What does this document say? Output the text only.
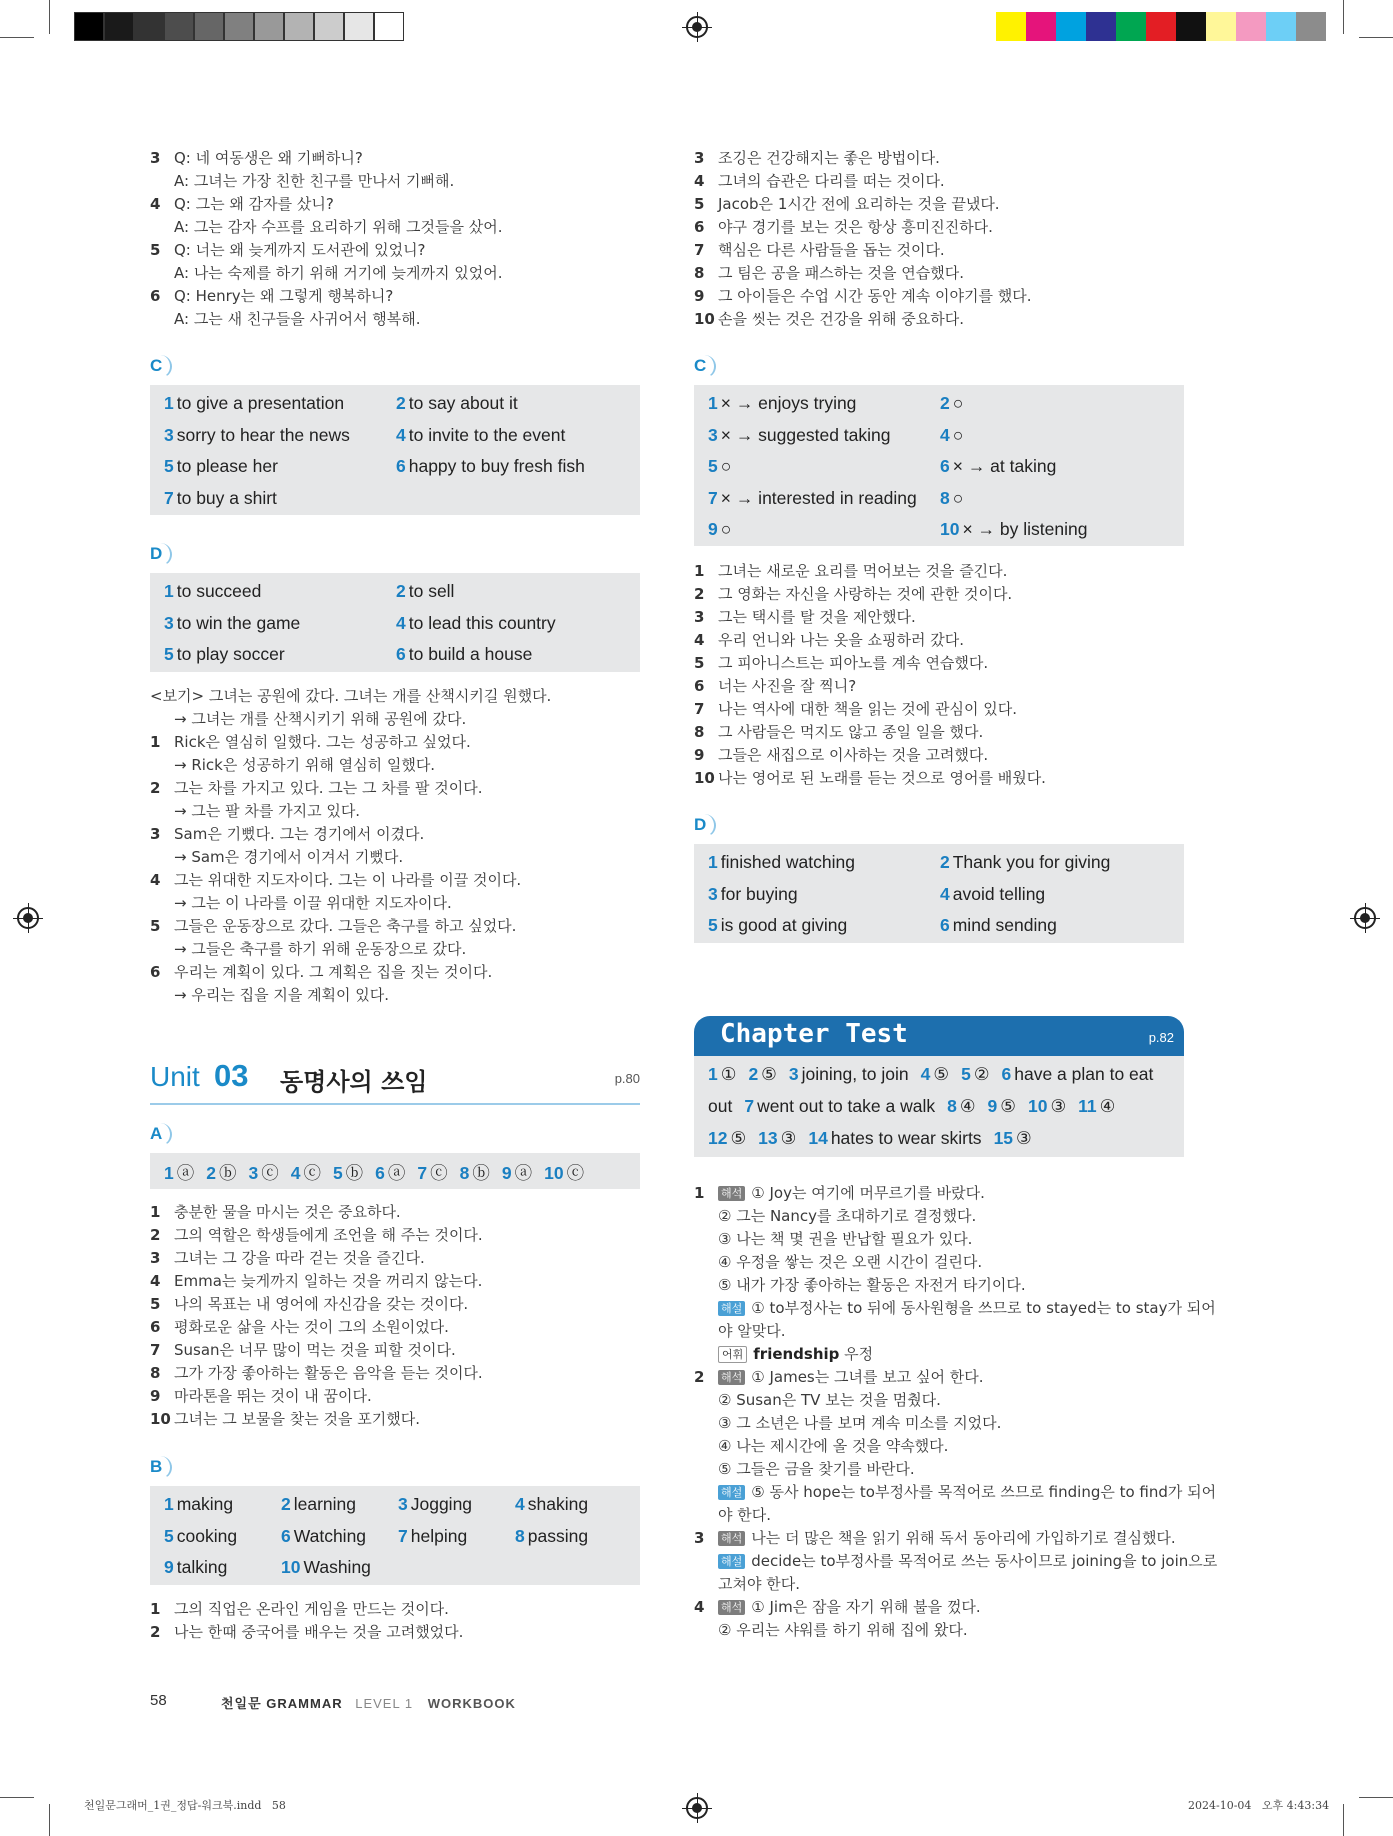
3 Q: 네 여동생은 왜 기뻐하니?
A: 그녀는 가장 친한 친구를 만나서 기뻐해.
4 Q: 그는 왜 감자를 샀니?
A: 그는 감자 수프를 요리하기 위해 그것들을 샀어.
5 Q: 너는 왜 늦게까지 도서관에 있었니?
A: 나는 숙제를 하기 위해 거기에 늦게까지 있었어.
6 Q: Henry는 왜 그렇게 행복하니?
A: 그는 새 친구들을 사귀어서 행복해.
C
1 to give a presentation	2 to say about it
3 sorry to hear the news	4 to invite to the event
5 to please her	6 happy to buy fresh fish
7 to buy a shirt
D
1 to succeed	2 to sell
3 to win the game	4 to lead this country
5 to play soccer	6 to build a house
<보기> 그녀는 공원에 갔다. 그녀는 개를 산책시키길 원했다.
→ 그녀는 개를 산책시키기 위해 공원에 갔다.
1 Rick은 열심히 일했다. 그는 성공하고 싶었다.
→ Rick은 성공하기 위해 열심히 일했다.
2 그는 차를 가지고 있다. 그는 그 차를 팔 것이다.
→ 그는 팔 차를 가지고 있다.
3 Sam은 기뻤다. 그는 경기에서 이겼다.
→ Sam은 경기에서 이겨서 기뻤다.
4 그는 위대한 지도자이다. 그는 이 나라를 이끌 것이다.
→ 그는 이 나라를 이끌 위대한 지도자이다.
5 그들은 운동장으로 갔다. 그들은 축구를 하고 싶었다.
→ 그들은 축구를 하기 위해 운동장으로 갔다.
6 우리는 계획이 있다. 그 계획은 집을 짓는 것이다.
→ 우리는 집을 지을 계획이 있다.
Unit 03 동명사의 쓰임	p.80
A
1 ⓐ 2 ⓑ 3 ⓒ 4 ⓒ 5 ⓑ 6 ⓐ 7 ⓒ 8 ⓑ 9 ⓐ 10 ⓒ
1 충분한 물을 마시는 것은 중요하다.
2 그의 역할은 학생들에게 조언을 해 주는 것이다.
3 그녀는 그 강을 따라 걷는 것을 즐긴다.
4 Emma는 늦게까지 일하는 것을 꺼리지 않는다.
5 나의 목표는 내 영어에 자신감을 갖는 것이다.
6 평화로운 삶을 사는 것이 그의 소원이었다.
7 Susan은 너무 많이 먹는 것을 피할 것이다.
8 그가 가장 좋아하는 활동은 음악을 듣는 것이다.
9 마라톤을 뛰는 것이 내 꿈이다.
10 그녀는 그 보물을 찾는 것을 포기했다.
B
1 making	2 learning 3 Jogging 4 shaking
5 cooking	6 Watching 7 helping	8 passing
9 talking	10 Washing
1 그의 직업은 온라인 게임을 만드는 것이다.
2 나는 한때 중국어를 배우는 것을 고려했었다.
3 조깅은 건강해지는 좋은 방법이다.
4 그녀의 습관은 다리를 떠는 것이다.
5 Jacob은 1시간 전에 요리하는 것을 끝냈다.
6 야구 경기를 보는 것은 항상 흥미진진하다.
7 핵심은 다른 사람들을 돕는 것이다.
8 그 팀은 공을 패스하는 것을 연습했다.
9 그 아이들은 수업 시간 동안 계속 이야기를 했다.
10 손을 씻는 것은 건강을 위해 중요하다.
C
1 × → enjoys trying	2 ○
3 × → suggested taking	4 ○
5 ○	6 × → at taking
7 × → interested in reading 8 ○
9 ○	10 × → by listening
1 그녀는 새로운 요리를 먹어보는 것을 즐긴다.
2 그 영화는 자신을 사랑하는 것에 관한 것이다.
3 그는 택시를 탈 것을 제안했다.
4 우리 언니와 나는 옷을 쇼핑하러 갔다.
5 그 피아니스트는 피아노를 계속 연습했다.
6 너는 사진을 잘 찍니?
7 나는 역사에 대한 책을 읽는 것에 관심이 있다.
8 그 사람들은 먹지도 않고 종일 일을 했다.
9 그들은 새집으로 이사하는 것을 고려했다.
10 나는 영어로 된 노래를 듣는 것으로 영어를 배웠다.
D
1 finished watching	2 Thank you for giving
3 for buying	4 avoid telling
5 is good at giving	6 mind sending
Chapter Test	p.82
1 ① 2 ⑤ 3 joining, to join 4 ⑤ 5 ② 6 have a plan to eat
out 7 went out to take a walk 8 ④ 9 ⑤ 10 ③ 11 ④
12 ⑤ 13 ③ 14 hates to wear skirts 15 ③
1 해석 ① Joy는 여기에 머무르기를 바랐다.
② 그는 Nancy를 초대하기로 결정했다.
③ 나는 책 몇 권을 반납할 필요가 있다.
④ 우정을 쌓는 것은 오랜 시간이 걸린다.
⑤ 내가 가장 좋아하는 활동은 자전거 타기이다.
해설 ① to부정사는 to 뒤에 동사원형을 쓰므로 to stayed는 to stay가 되어
야 알맞다.
어휘 friendship 우정
2 해석 ① James는 그녀를 보고 싶어 한다.
② Susan은 TV 보는 것을 멈췄다.
③ 그 소년은 나를 보며 계속 미소를 지었다.
④ 나는 제시간에 올 것을 약속했다.
⑤ 그들은 금을 찾기를 바란다.
해설 ⑤ 동사 hope는 to부정사를 목적어로 쓰므로 finding은 to find가 되어
야 한다.
3 해석 나는 더 많은 책을 읽기 위해 독서 동아리에 가입하기로 결심했다.
해설 decide는 to부정사를 목적어로 쓰는 동사이므로 joining을 to join으로
고쳐야 한다.
4 해석 ① Jim은 잠을 자기 위해 불을 껐다.
② 우리는 샤워를 하기 위해 집에 왔다.
58	천일문 GRAMMAR LEVEL 1 WORKBOOK
천일문그래머_1권_정답-워크북.indd   58	2024-10-04   오후 4:43:34
